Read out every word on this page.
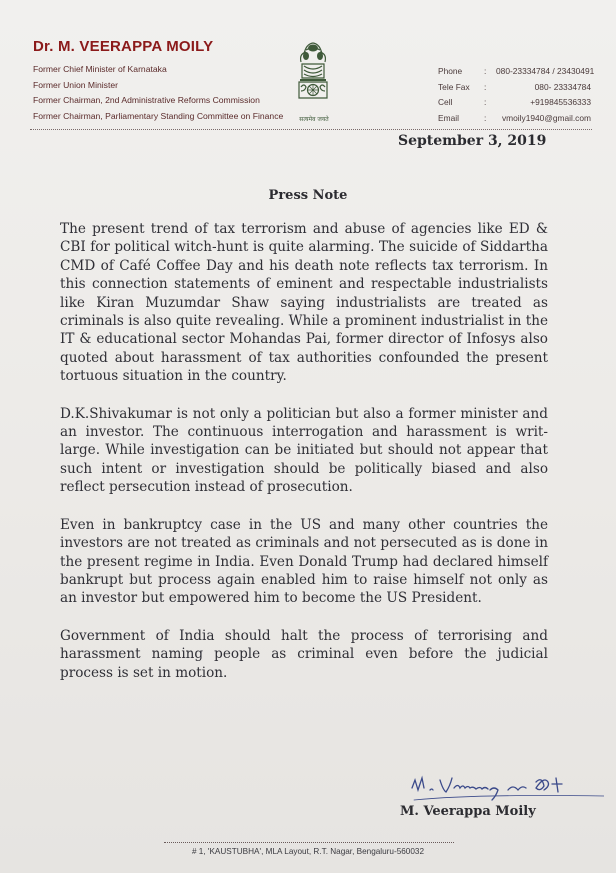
Dr. M. VEERAPPA MOILY
Former Chief Minister of Karnataka
Former Union Minister
Former Chairman, 2nd Administrative Reforms Commission
Former Chairman, Parliamentary Standing Committee on Finance	सत्यमेव जयते
Phone	:	080-23334784 / 23430491
Tele Fax	:	080- 23334784
Cell	:	+919845536333
Email	:	vmoily1940@gmail.com
September 3, 2019
Press Note

The present trend of tax terrorism and abuse of agencies like ED & CBI for political witch-hunt is quite alarming. The suicide of Siddartha CMD of Café Coffee Day and his death note reflects tax terrorism. In this connection statements of eminent and respectable industrialists like Kiran Muzumdar Shaw saying industrialists are treated as criminals is also quite revealing. While a prominent industrialist in the IT & educational sector Mohandas Pai, former director of Infosys also quoted about harassment of tax authorities confounded the present tortuous situation in the country.

D.K.Shivakumar is not only a politician but also a former minister and an investor. The continuous interrogation and harassment is writ-large. While investigation can be initiated but should not appear that such intent or investigation should be politically biased and also reflect persecution instead of prosecution.

Even in bankruptcy case in the US and many other countries the investors are not treated as criminals and not persecuted as is done in the present regime in India. Even Donald Trump had declared himself bankrupt but process again enabled him to raise himself not only as an investor but empowered him to become the US President.

Government of India should halt the process of terrorising and harassment naming people as criminal even before the judicial process is set in motion.

M. Veerappa Moily
# 1, 'KAUSTUBHA', MLA Layout, R.T. Nagar, Bengaluru-560032
